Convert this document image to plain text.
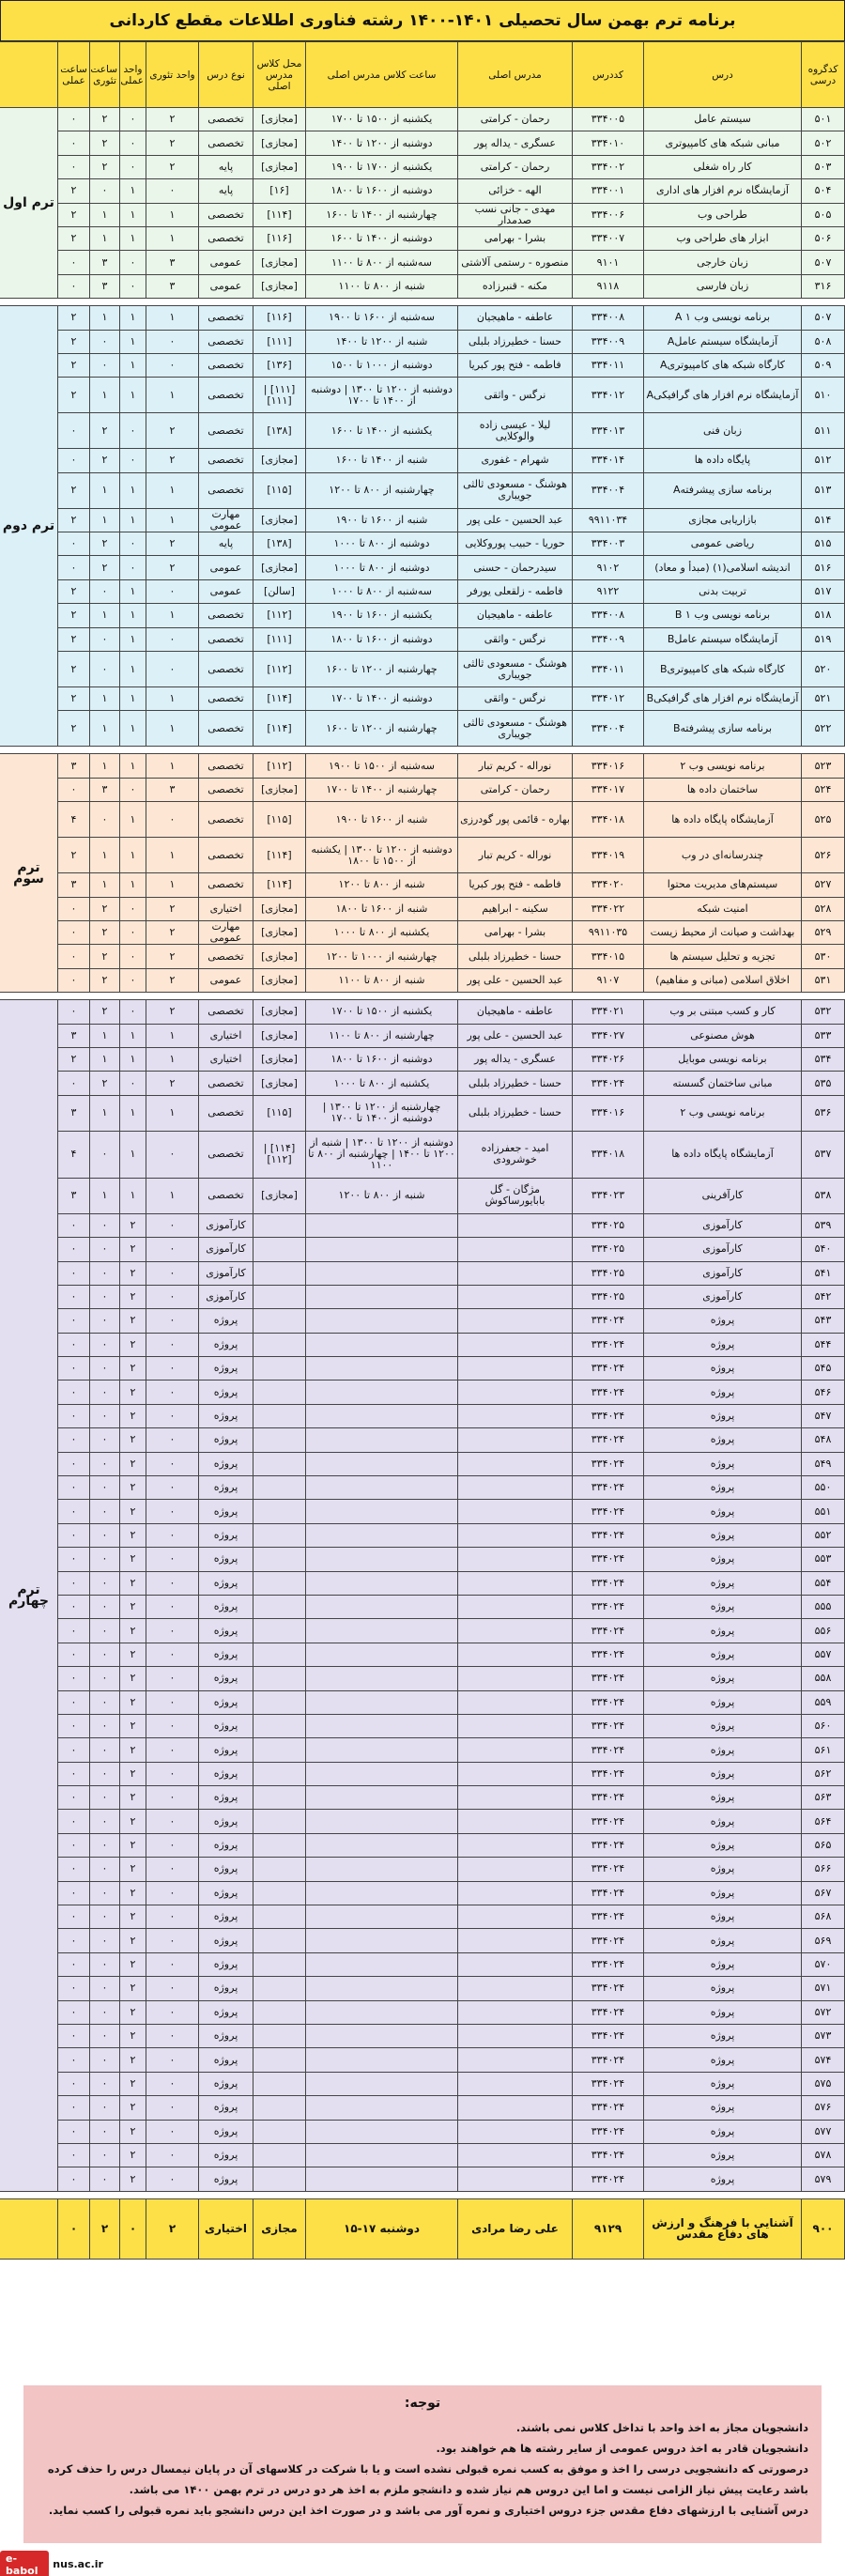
برنامه ترم بهمن سال تحصیلی ۱۴۰۱-۱۴۰۰ رشته فناوری اطلاعات مقطع کاردانی
کدگروه درسی	درس	کددرس	مدرس اصلی	ساعت کلاس مدرس اصلی	محل کلاس مدرس اصلی	نوع درس	واحد تئوری	واحد عملی	ساعت تئوری	ساعت عملی	
۵۰۱	سیستم عامل	۳۳۴۰۰۵	رحمان - کرامتی	یکشنبه از ۱۵۰۰ تا ۱۷۰۰	[مجازی]	تخصصی	۲	۰	۲	۰	ترم اول
۵۰۲	مبانی شبکه های کامپیوتری	۳۳۴۰۱۰	عسگری - یداله پور	دوشنبه از ۱۲۰۰ تا ۱۴۰۰	[مجازی]	تخصصی	۲	۰	۲	۰	
۵۰۳	کار راه شغلی	۳۳۴۰۰۲	رحمان - کرامتی	یکشنبه از ۱۷۰۰ تا ۱۹۰۰	[مجازی]	پایه	۲	۰	۲	۰	
۵۰۴	آزمایشگاه نرم افزار های اداری	۳۳۴۰۰۱	الهه - خزائی	دوشنبه از ۱۶۰۰ تا ۱۸۰۰	[۱۶]	پایه	۰	۱	۰	۲	
۵۰۵	طراحی وب	۳۳۴۰۰۶	مهدی - جانی نسب صدمدار	چهارشنبه از ۱۴۰۰ تا ۱۶۰۰	[۱۱۴]	تخصصی	۱	۱	۱	۲	
۵۰۶	ابزار های طراحی وب	۳۳۴۰۰۷	بشرا - بهرامی	دوشنبه از ۱۴۰۰ تا ۱۶۰۰	[۱۱۶]	تخصصی	۱	۱	۱	۲	
۵۰۷	زبان خارجی	۹۱۰۱	منصوره - رستمی آلاشتی	سه‌شنبه از ۸۰۰ تا ۱۱۰۰	[مجازی]	عمومی	۳	۰	۳	۰	
۳۱۶	زبان فارسی	۹۱۱۸	مکنه - قنبرزاده	شنبه از ۸۰۰ تا ۱۱۰۰	[مجازی]	عمومی	۳	۰	۳	۰	

۵۰۷	برنامه نویسی وب A ۱	۳۳۴۰۰۸	عاطفه - ماهیجیان	سه‌شنبه از ۱۶۰۰ تا ۱۹۰۰	[۱۱۶]	تخصصی	۱	۱	۱	۲	ترم دوم
۵۰۸	آزمایشگاه سیستم عاملA	۳۳۴۰۰۹	حسنا - خطیرزاد بلبلی	شنبه از ۱۲۰۰ تا ۱۴۰۰	[۱۱۱]	تخصصی	۰	۱	۰	۲	
۵۰۹	کارگاه شبکه های کامپیوتریA	۳۳۴۰۱۱	فاطمه - فتح پور کبریا	دوشنبه از ۱۰۰۰ تا ۱۵۰۰	[۱۳۶]	تخصصی	۰	۱	۰	۲	
۵۱۰	آزمایشگاه نرم افزار های گرافیکیA	۳۳۴۰۱۲	نرگس - واثقی	دوشنبه از ۱۲۰۰ تا ۱۳۰۰ | دوشنبه از ۱۴۰۰ تا ۱۷۰۰	[۱۱۱] | [۱۱۱]	تخصصی	۱	۱	۱	۲	
۵۱۱	زبان فنی	۳۳۴۰۱۳	لیلا - عیسی زاده والوکلایی	یکشنبه از ۱۴۰۰ تا ۱۶۰۰	[۱۳۸]	تخصصی	۲	۰	۲	۰	
۵۱۲	پایگاه داده ها	۳۳۴۰۱۴	شهرام - غفوری	شنبه از ۱۴۰۰ تا ۱۶۰۰	[مجازی]	تخصصی	۲	۰	۲	۰	
۵۱۳	برنامه سازی پیشرفتهA	۳۳۴۰۰۴	هوشنگ - مسعودی ثالثی جویباری	چهارشنبه از ۸۰۰ تا ۱۲۰۰	[۱۱۵]	تخصصی	۱	۱	۱	۲	
۵۱۴	بازاریابی مجازی	۹۹۱۱۰۳۴	عبد الحسین - علی پور	شنبه از ۱۶۰۰ تا ۱۹۰۰	[مجازی]	مهارت عمومی	۱	۱	۱	۲	
۵۱۵	ریاضی عمومی	۳۳۴۰۰۳	حوریا - حبیب پوروکلایی	دوشنبه از ۸۰۰ تا ۱۰۰۰	[۱۳۸]	پایه	۲	۰	۲	۰	
۵۱۶	اندیشه اسلامی(۱) (مبدأ و معاد)	۹۱۰۲	سیدرحمان - حسنی	دوشنبه از ۸۰۰ تا ۱۰۰۰	[مجازی]	عمومی	۲	۰	۲	۰	
۵۱۷	تربیت بدنی	۹۱۲۲	فاطمه - زلقعلی یورفر	سه‌شنبه از ۸۰۰ تا ۱۰۰۰	[سالن]	عمومی	۰	۱	۰	۲	
۵۱۸	برنامه نویسی وب B ۱	۳۳۴۰۰۸	عاطفه - ماهیجیان	یکشنبه از ۱۶۰۰ تا ۱۹۰۰	[۱۱۲]	تخصصی	۱	۱	۱	۲	
۵۱۹	آزمایشگاه سیستم عاملB	۳۳۴۰۰۹	نرگس - واثقی	دوشنبه از ۱۶۰۰ تا ۱۸۰۰	[۱۱۱]	تخصصی	۰	۱	۰	۲	
۵۲۰	کارگاه شبکه های کامپیوتریB	۳۳۴۰۱۱	هوشنگ - مسعودی ثالثی جویباری	چهارشنبه از ۱۲۰۰ تا ۱۶۰۰	[۱۱۲]	تخصصی	۰	۱	۰	۲	
۵۲۱	آزمایشگاه نرم افزار های گرافیکیB	۳۳۴۰۱۲	نرگس - واثقی	دوشنبه از ۱۴۰۰ تا ۱۷۰۰	[۱۱۴]	تخصصی	۱	۱	۱	۲	
۵۲۲	برنامه سازی پیشرفتهB	۳۳۴۰۰۴	هوشنگ - مسعودی ثالثی جویباری	چهارشنبه از ۱۲۰۰ تا ۱۶۰۰	[۱۱۴]	تخصصی	۱	۱	۱	۲	

۵۲۳	برنامه نویسی وب ۲	۳۳۴۰۱۶	نوراله - کریم تبار	سه‌شنبه از ۱۵۰۰ تا ۱۹۰۰	[۱۱۲]	تخصصی	۱	۱	۱	۳	ترم سوم
۵۲۴	ساختمان داده ها	۳۳۴۰۱۷	رحمان - کرامتی	چهارشنبه از ۱۴۰۰ تا ۱۷۰۰	[مجازی]	تخصصی	۳	۰	۳	۰	
۵۲۵	آزمایشگاه پایگاه داده ها	۳۳۴۰۱۸	بهاره - قائمی پور گودرزی	شنبه از ۱۶۰۰ تا ۱۹۰۰	[۱۱۵]	تخصصی	۰	۱	۰	۴	
۵۲۶	چندرسانه‌ای در وب	۳۳۴۰۱۹	نوراله - کریم تبار	دوشنبه از ۱۲۰۰ تا ۱۳۰۰ | یکشنبه از ۱۵۰۰ تا ۱۸۰۰	[۱۱۴]	تخصصی	۱	۱	۱	۲	
۵۲۷	سیستم‌های مدیریت محتوا	۳۳۴۰۲۰	فاطمه - فتح پور کبریا	شنبه از ۸۰۰ تا ۱۲۰۰	[۱۱۴]	تخصصی	۱	۱	۱	۳	
۵۲۸	امنیت شبکه	۳۳۴۰۲۲	سکینه - ابراهیم	شنبه از ۱۶۰۰ تا ۱۸۰۰	[مجازی]	اختیاری	۲	۰	۲	۰	
۵۲۹	بهداشت و صیانت از محیط زیست	۹۹۱۱۰۳۵	بشرا - بهرامی	یکشنبه از ۸۰۰ تا ۱۰۰۰	[مجازی]	مهارت عمومی	۲	۰	۲	۰	
۵۳۰	تجزیه و تحلیل سیستم ها	۳۳۴۰۱۵	حسنا - خطیرزاد بلبلی	چهارشنبه از ۱۰۰۰ تا ۱۲۰۰	[مجازی]	تخصصی	۲	۰	۲	۰	
۵۳۱	اخلاق اسلامی (مبانی و مفاهیم)	۹۱۰۷	عبد الحسین - علی پور	شنبه از ۸۰۰ تا ۱۱۰۰	[مجازی]	عمومی	۲	۰	۲	۰	

۵۳۲	کار و کسب مبتنی بر وب	۳۳۴۰۲۱	عاطفه - ماهیجیان	یکشنبه از ۱۵۰۰ تا ۱۷۰۰	[مجازی]	تخصصی	۲	۰	۲	۰	ترم چهارم
۵۳۳	هوش مصنوعی	۳۳۴۰۲۷	عبد الحسین - علی پور	چهارشنبه از ۸۰۰ تا ۱۱۰۰	[مجازی]	اختیاری	۱	۱	۱	۳	
۵۳۴	برنامه نویسی موبایل	۳۳۴۰۲۶	عسگری - یداله پور	دوشنبه از ۱۶۰۰ تا ۱۸۰۰	[مجازی]	اختیاری	۱	۱	۱	۲	
۵۳۵	مبانی ساختمان گسسته	۳۳۴۰۲۴	حسنا - خطیرزاد بلبلی	یکشنبه از ۸۰۰ تا ۱۰۰۰	[مجازی]	تخصصی	۲	۰	۲	۰	
۵۳۶	برنامه نویسی وب ۲	۳۳۴۰۱۶	حسنا - خطیرزاد بلبلی	چهارشنبه از ۱۲۰۰ تا ۱۳۰۰ | دوشنبه از ۱۴۰۰ تا ۱۷۰۰	[۱۱۵]	تخصصی	۱	۱	۱	۳	
۵۳۷	آزمایشگاه پایگاه داده ها	۳۳۴۰۱۸	امید - جعفرزاده خوشرودی	دوشنبه از ۱۲۰۰ تا ۱۳۰۰ | شنبه از ۱۲۰۰ تا ۱۴۰۰ | چهارشنبه از ۸۰۰ تا ۱۱۰۰	[۱۱۴] | [۱۱۲]	تخصصی	۰	۱	۰	۴	
۵۳۸	کارآفرینی	۳۳۴۰۲۳	مژگان - گل بابایورساکوش	شنبه از ۸۰۰ تا ۱۲۰۰	[مجازی]	تخصصی	۱	۱	۱	۳	
۵۳۹	کارآموزی	۳۳۴۰۲۵				کارآموزی	۰	۲	۰	۰	
۵۴۰	کارآموزی	۳۳۴۰۲۵				کارآموزی	۰	۲	۰	۰	
۵۴۱	کارآموزی	۳۳۴۰۲۵				کارآموزی	۰	۲	۰	۰	
۵۴۲	کارآموزی	۳۳۴۰۲۵				کارآموزی	۰	۲	۰	۰	
۵۴۳	پروژه	۳۳۴۰۲۴				پروژه	۰	۲	۰	۰	
۵۴۴	پروژه	۳۳۴۰۲۴				پروژه	۰	۲	۰	۰	
۵۴۵	پروژه	۳۳۴۰۲۴				پروژه	۰	۲	۰	۰	
۵۴۶	پروژه	۳۳۴۰۲۴				پروژه	۰	۲	۰	۰	
۵۴۷	پروژه	۳۳۴۰۲۴				پروژه	۰	۲	۰	۰	
۵۴۸	پروژه	۳۳۴۰۲۴				پروژه	۰	۲	۰	۰	
۵۴۹	پروژه	۳۳۴۰۲۴				پروژه	۰	۲	۰	۰	
۵۵۰	پروژه	۳۳۴۰۲۴				پروژه	۰	۲	۰	۰	
۵۵۱	پروژه	۳۳۴۰۲۴				پروژه	۰	۲	۰	۰	
۵۵۲	پروژه	۳۳۴۰۲۴				پروژه	۰	۲	۰	۰	
۵۵۳	پروژه	۳۳۴۰۲۴				پروژه	۰	۲	۰	۰	
۵۵۴	پروژه	۳۳۴۰۲۴				پروژه	۰	۲	۰	۰	
۵۵۵	پروژه	۳۳۴۰۲۴				پروژه	۰	۲	۰	۰	
۵۵۶	پروژه	۳۳۴۰۲۴				پروژه	۰	۲	۰	۰	
۵۵۷	پروژه	۳۳۴۰۲۴				پروژه	۰	۲	۰	۰	
۵۵۸	پروژه	۳۳۴۰۲۴				پروژه	۰	۲	۰	۰	
۵۵۹	پروژه	۳۳۴۰۲۴				پروژه	۰	۲	۰	۰	
۵۶۰	پروژه	۳۳۴۰۲۴				پروژه	۰	۲	۰	۰	
۵۶۱	پروژه	۳۳۴۰۲۴				پروژه	۰	۲	۰	۰	
۵۶۲	پروژه	۳۳۴۰۲۴				پروژه	۰	۲	۰	۰	
۵۶۳	پروژه	۳۳۴۰۲۴				پروژه	۰	۲	۰	۰	
۵۶۴	پروژه	۳۳۴۰۲۴				پروژه	۰	۲	۰	۰	
۵۶۵	پروژه	۳۳۴۰۲۴				پروژه	۰	۲	۰	۰	
۵۶۶	پروژه	۳۳۴۰۲۴				پروژه	۰	۲	۰	۰	
۵۶۷	پروژه	۳۳۴۰۲۴				پروژه	۰	۲	۰	۰	
۵۶۸	پروژه	۳۳۴۰۲۴				پروژه	۰	۲	۰	۰	
۵۶۹	پروژه	۳۳۴۰۲۴				پروژه	۰	۲	۰	۰	
۵۷۰	پروژه	۳۳۴۰۲۴				پروژه	۰	۲	۰	۰	
۵۷۱	پروژه	۳۳۴۰۲۴				پروژه	۰	۲	۰	۰	
۵۷۲	پروژه	۳۳۴۰۲۴				پروژه	۰	۲	۰	۰	
۵۷۳	پروژه	۳۳۴۰۲۴				پروژه	۰	۲	۰	۰	
۵۷۴	پروژه	۳۳۴۰۲۴				پروژه	۰	۲	۰	۰	
۵۷۵	پروژه	۳۳۴۰۲۴				پروژه	۰	۲	۰	۰	
۵۷۶	پروژه	۳۳۴۰۲۴				پروژه	۰	۲	۰	۰	
۵۷۷	پروژه	۳۳۴۰۲۴				پروژه	۰	۲	۰	۰	
۵۷۸	پروژه	۳۳۴۰۲۴				پروژه	۰	۲	۰	۰	
۵۷۹	پروژه	۳۳۴۰۲۴				پروژه	۰	۲	۰	۰	

۹۰۰	آشنایی با فرهنگ و ارزش های دفاع مقدس	۹۱۲۹	علی رضا مرادی	دوشنبه ۱۷-۱۵	مجازی	اختیاری	۲	۰	۲	۰	
توجه:

دانشجویان مجاز به اخذ واحد با تداخل کلاس نمی باشند.

دانشجویان قادر به اخذ دروس عمومی از سایر رشته ها هم خواهند بود.

درصورتی که دانشجویی درسی را اخذ و موفق به کسب نمره قبولی نشده است و یا با شرکت در کلاسهای آن در پایان نیمسال درس را حذف کرده باشد رعایت پیش نیاز الزامی نیست و اما این دروس هم نیاز شده و دانشجو ملزم به اخذ هر دو درس در ترم بهمن ۱۴۰۰ می باشد.

درس آشنایی با ارزشهای دفاع مقدس جزء دروس اختیاری و نمره آور می باشد و در صورت اخذ این درس دانشجو باید نمره قبولی را کسب نماید.

e-babol
	nus.ac.ir
